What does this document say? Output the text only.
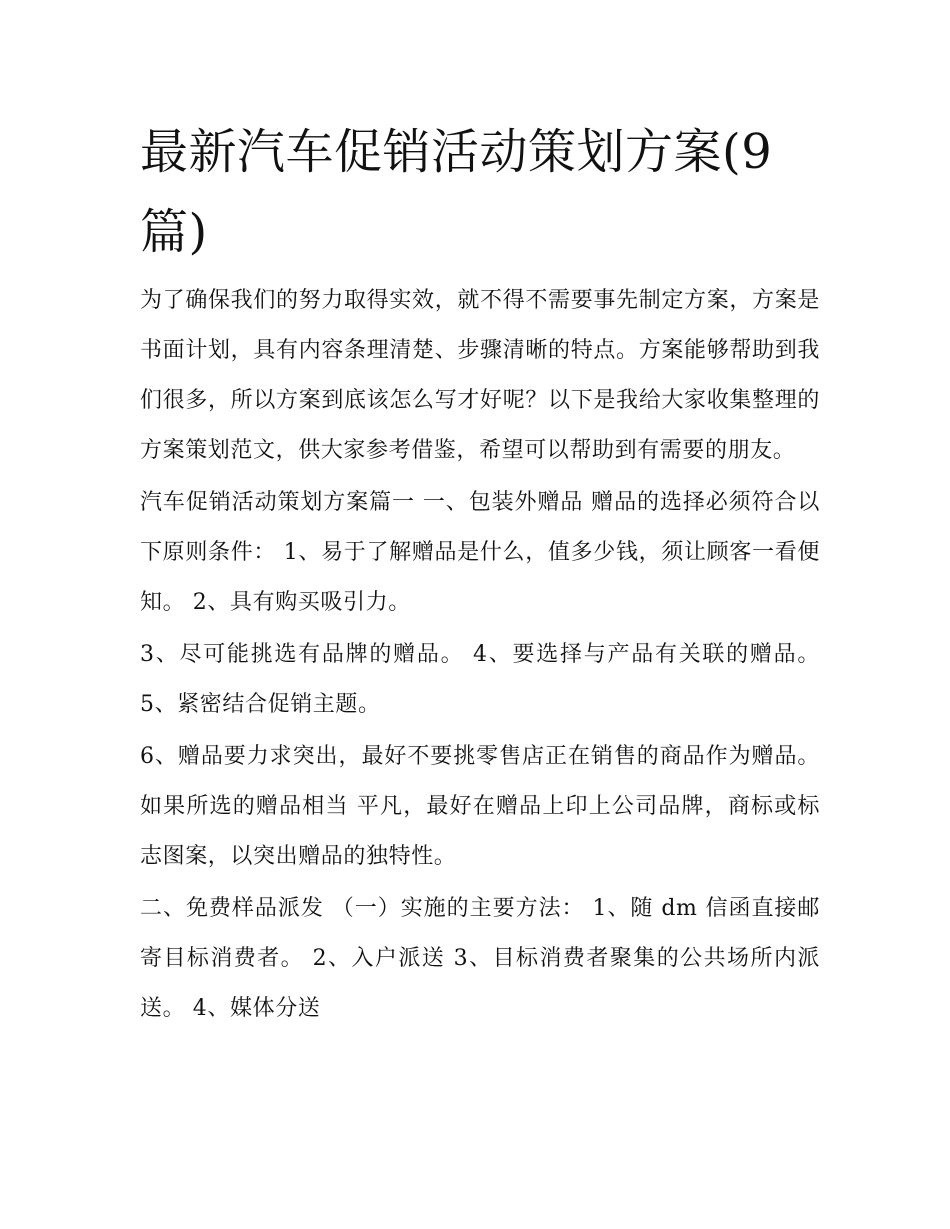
最新汽车促销活动策划方案(9篇)

为了确保我们的努力取得实效，就不得不需要事先制定方案，方案是书面计划，具有内容条理清楚、步骤清晰的特点。方案能够帮助到我们很多，所以方案到底该怎么写才好呢？以下是我给大家收集整理的方案策划范文，供大家参考借鉴，希望可以帮助到有需要的朋友。

汽车促销活动策划方案篇一 一、包装外赠品 赠品的选择必须符合以下原则条件： 1、易于了解赠品是什么，值多少钱，须让顾客一看便知。 2、具有购买吸引力。

3、尽可能挑选有品牌的赠品。 4、要选择与产品有关联的赠品。 5、紧密结合促销主题。

6、赠品要力求突出，最好不要挑零售店正在销售的商品作为赠品。如果所选的赠品相当 平凡，最好在赠品上印上公司品牌，商标或标志图案，以突出赠品的独特性。

二、免费样品派发 （一）实施的主要方法： 1、随 dm 信函直接邮寄目标消费者。 2、入户派送 3、目标消费者聚集的公共场所内派送。 4、媒体分送
